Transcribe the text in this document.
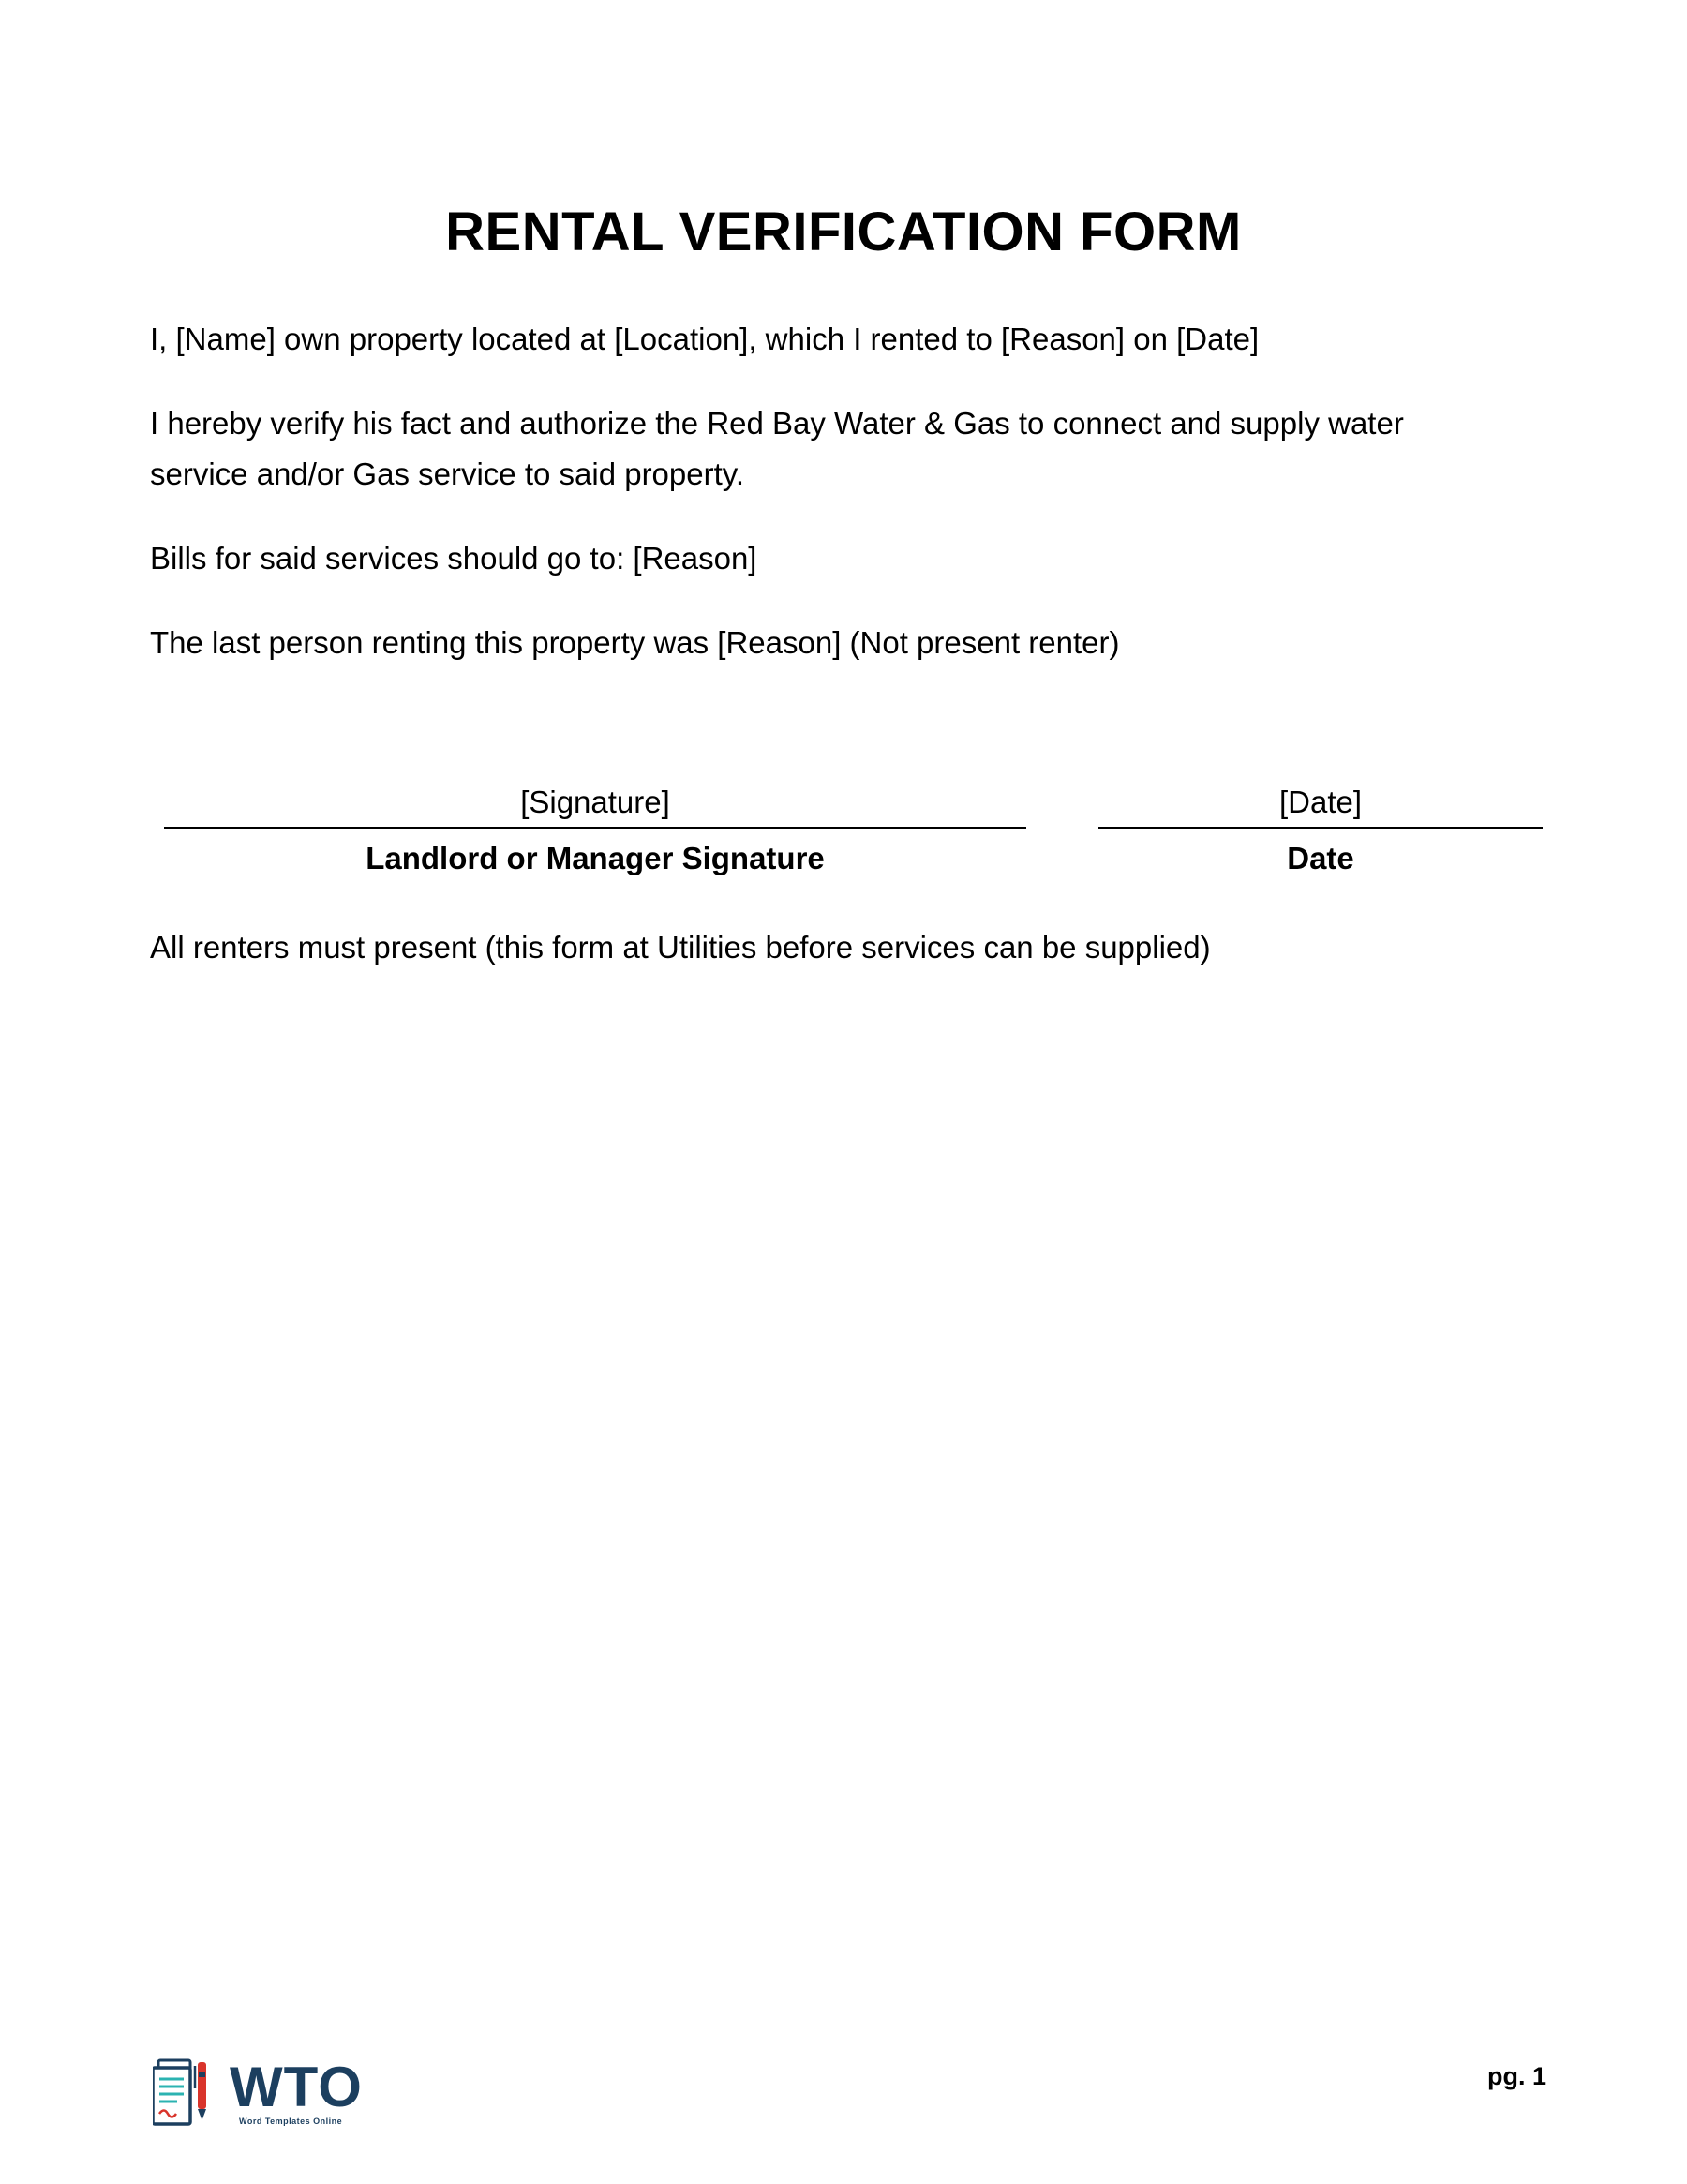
RENTAL VERIFICATION FORM
I, [Name] own property located at [Location], which I rented to [Reason] on [Date]
I hereby verify his fact and authorize the Red Bay Water & Gas to connect and supply water
service and/or Gas service to said property.
Bills for said services should go to: [Reason]
The last person renting this property was [Reason] (Not present renter)
[Signature]
Landlord or Manager Signature
[Date]
Date
All renters must present (this form at Utilities before services can be supplied)
WTO
Word Templates Online
pg. 1
